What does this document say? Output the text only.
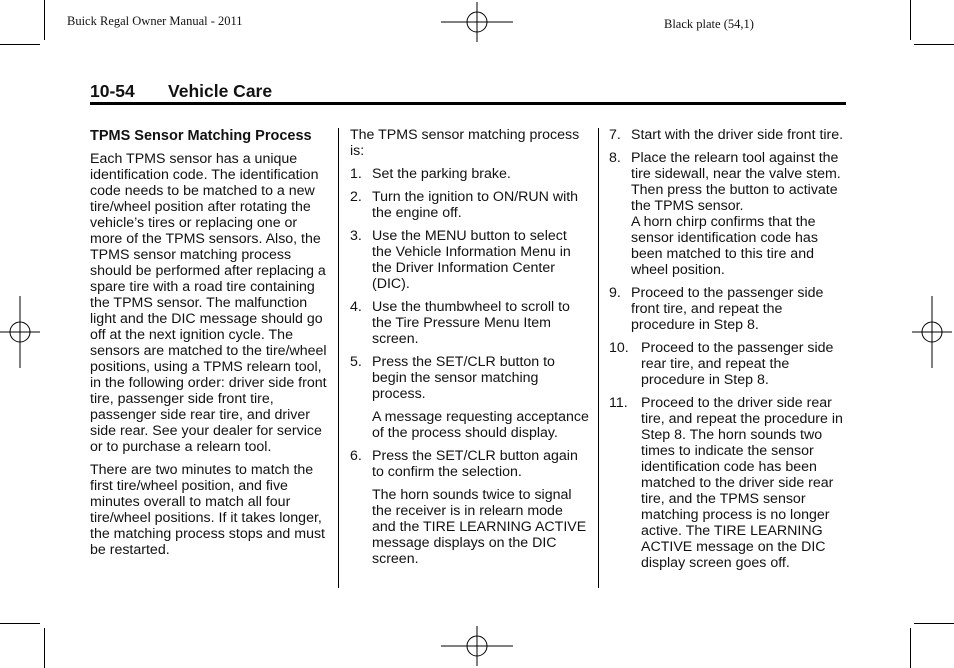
Buick Regal Owner Manual - 2011	Black plate (54,1)
10-54 Vehicle Care
TPMS Sensor Matching Process

Each TPMS sensor has a unique identification code. The identification code needs to be matched to a new tire/wheel position after rotating the vehicle’s tires or replacing one or more of the TPMS sensors. Also, the TPMS sensor matching process should be performed after replacing a spare tire with a road tire containing the TPMS sensor. The malfunction light and the DIC message should go off at the next ignition cycle. The sensors are matched to the tire/wheel positions, using a TPMS relearn tool, in the following order: driver side front tire, passenger side front tire, passenger side rear tire, and driver side rear. See your dealer for service or to purchase a relearn tool.

There are two minutes to match the first tire/wheel position, and five minutes overall to match all four tire/wheel positions. If it takes longer, the matching process stops and must be restarted.

The TPMS sensor matching process is:

1. Set the parking brake.
2. Turn the ignition to ON/RUN with the engine off.
3. Use the MENU button to select the Vehicle Information Menu in the Driver Information Center (DIC).
4. Use the thumbwheel to scroll to the Tire Pressure Menu Item screen.
5. Press the SET/CLR button to begin the sensor matching process.
A message requesting acceptance of the process should display.
6. Press the SET/CLR button again to confirm the selection.
The horn sounds twice to signal the receiver is in relearn mode and the TIRE LEARNING ACTIVE message displays on the DIC screen.
7. Start with the driver side front tire.
8. Place the relearn tool against the tire sidewall, near the valve stem. Then press the button to activate the TPMS sensor.
A horn chirp confirms that the sensor identification code has been matched to this tire and wheel position.
9. Proceed to the passenger side front tire, and repeat the procedure in Step 8.
10. Proceed to the passenger side rear tire, and repeat the procedure in Step 8.
11. Proceed to the driver side rear tire, and repeat the procedure in Step 8. The horn sounds two times to indicate the sensor identification code has been matched to the driver side rear tire, and the TPMS sensor matching process is no longer active. The TIRE LEARNING ACTIVE message on the DIC display screen goes off.
